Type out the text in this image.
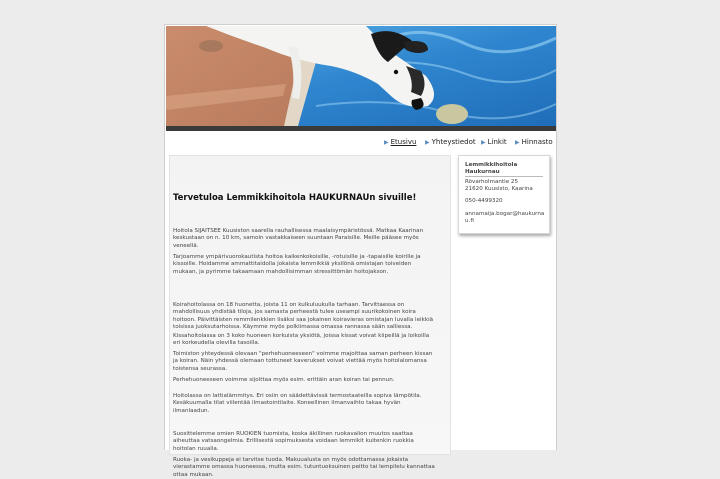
▶ Etusivu ▶ Yhteystiedot ▶ Linkit ▶ Hinnasto
Tervetuloa Lemmikkihoitola HAUKURNAUn sivuille!

Hoitola SIJAITSEE Kuusiston saarella rauhallisessa maalaisympäristössä. Matkaa Kaarinan keskustaan on n. 10 km, samoin vastakkaiseen suuntaan Paraisille. Meille pääsee myös veneellä.

Tarjoamme ympärivuorokautista hoitoa kaikenkokoisille, -rotuisille ja -tapaisille koirille ja kissoille. Hoidamme ammattitaidolla jokaista lemmikkiä yksilönä omistajan toiveiden mukaan, ja pyrimme takaamaan mahdollisimman stressittömän hoitojakson.

Koirahoitolassa on 18 huonetta, joista 11 on kulkuluukulla tarhaan. Tarvittaessa on mahdollisuus yhdistää tiloja, jos samasta perheestä tulee useampi suurikokoinen koira hoitoon. Päivittäisten remmilenkkien lisäksi saa jokainen koiravieras omistajan luvalla leikkiä toisissa juoksutarhoissa. Käymme myös polkiimassa omassa rannassa sään salliessa.

Kissahoitolassa on 3 koko huoneen korkuista yksiötä, joissa kissat voivat kiipeillä ja loikoilla eri korkeudella olevilla tasoilla.

Toimiston yhteydessä olevaan "perhehuoneeseen" voimme majoittaa saman perheen kissan ja koiran. Näin yhdessä olemaan tottuneet kaverukset voivat viettää myös hoitolalomansa toistensa seurassa.

Perhehuoneeseen voimme sijoittaa myös esim. erittäin aran koiran tai pennun.

Hoitolassa on lattialämmitys. Eri osiin on säädettävissä termostaateilla sopiva lämpötila. Kesäkuumalla tilat viilentää ilmastointilaite. Koneellinen ilmanvaihto takaa hyvän ilmanlaadun.

Suosittelemme omien RUOKIEN tuomista, koska äkillinen ruokavalion muutos saattaa aiheuttaa vatsaongelmia. Erillisestä sopimuksesta voidaan lemmikit kuitenkin ruokkia hoitolan ruualla.

Ruoka- ja vesikuppeja ei tarvitse tuoda. Makuualusta on myös odottamassa jokaista vierastamme omassa huoneessa, mutta esim. tutuntuoksuinen peitto tai lempilelu kannattaa ottaa mukaan.

Lemmikkihoitola Haukurnau

Rövarholmantie 25

21620 Kuusisto, Kaarina

050-4499320

annamaija.bogar@haukurnau.fi
